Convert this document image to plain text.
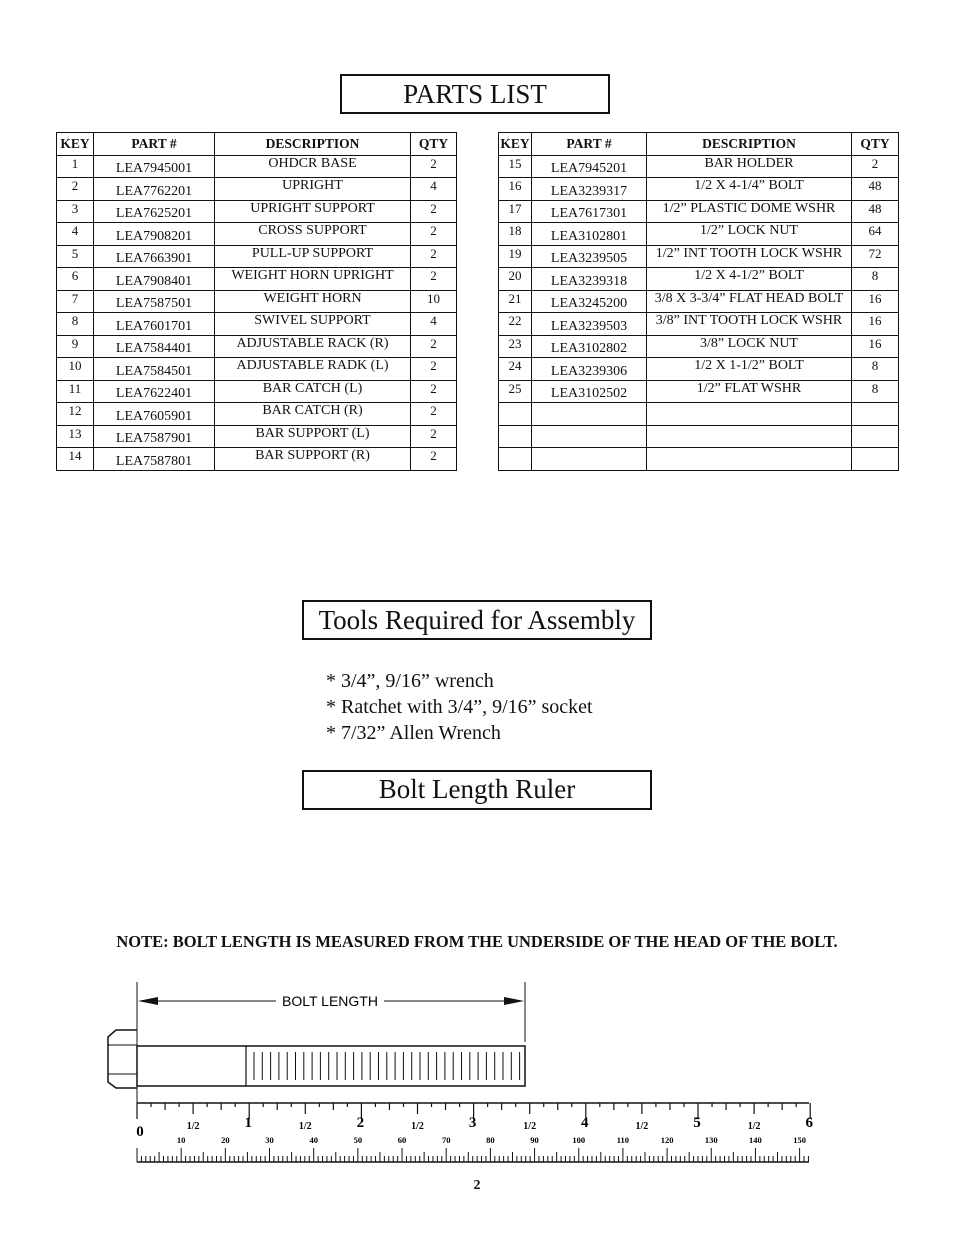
PARTS LIST
KEY	PART #	DESCRIPTION	QTY
1	LEA7945001	OHDCR BASE	2
2	LEA7762201	UPRIGHT	4
3	LEA7625201	UPRIGHT SUPPORT	2
4	LEA7908201	CROSS SUPPORT	2
5	LEA7663901	PULL-UP SUPPORT	2
6	LEA7908401	WEIGHT HORN UPRIGHT	2
7	LEA7587501	WEIGHT HORN	10
8	LEA7601701	SWIVEL SUPPORT	4
9	LEA7584401	ADJUSTABLE RACK (R)	2
10	LEA7584501	ADJUSTABLE RADK (L)	2
11	LEA7622401	BAR CATCH (L)	2
12	LEA7605901	BAR CATCH (R)	2
13	LEA7587901	BAR SUPPORT (L)	2
14	LEA7587801	BAR SUPPORT (R)	2
KEY	PART #	DESCRIPTION	QTY
15	LEA7945201	BAR HOLDER	2
16	LEA3239317	1/2 X 4-1/4” BOLT	48
17	LEA7617301	1/2” PLASTIC DOME WSHR	48
18	LEA3102801	1/2” LOCK NUT	64
19	LEA3239505	1/2” INT TOOTH LOCK WSHR	72
20	LEA3239318	1/2 X 4-1/2” BOLT	8
21	LEA3245200	3/8 X 3-3/4” FLAT HEAD BOLT	16
22	LEA3239503	3/8” INT TOOTH LOCK WSHR	16
23	LEA3102802	3/8” LOCK NUT	16
24	LEA3239306	1/2 X 1-1/2” BOLT	8
25	LEA3102502	1/2” FLAT WSHR	8

Tools Required for Assembly
* 3/4”, 9/16” wrench
* Ratchet with 3/4”, 9/16” socket
* 7/32” Allen Wrench
Bolt Length Ruler
NOTE: BOLT LENGTH IS MEASURED FROM THE UNDERSIDE OF THE HEAD OF THE BOLT.
BOLT LENGTH
0	1/2	1	1/2	2	1/2	3	1/2	4	1/2	5	1/2	6
10	20	30	40	50	60	70	80	90	100	110	120	130	140	150
2
